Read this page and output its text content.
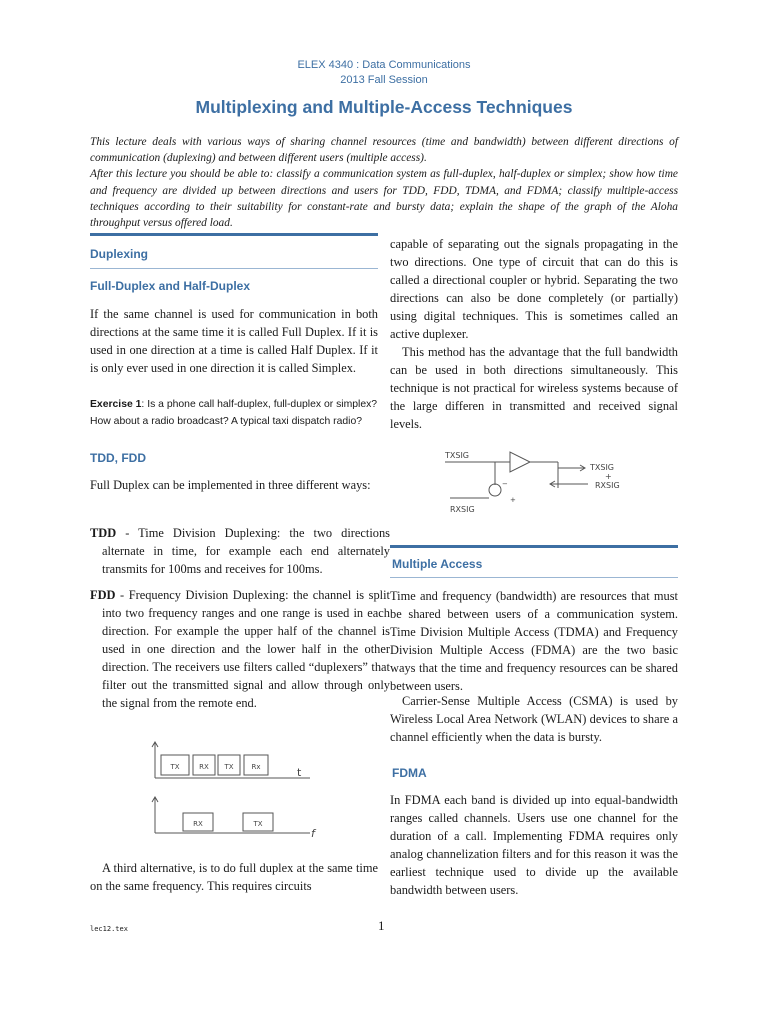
ELEX 4340 : Data Communications
2013 Fall Session
Multiplexing and Multiple-Access Techniques

This lecture deals with various ways of sharing channel resources (time and bandwidth) between different directions of communication (duplexing) and between different users (multiple access).

After this lecture you should be able to: classify a communication system as full-duplex, half-duplex or simplex; show how time and frequency are divided up between directions and users for TDD, FDD, TDMA, and FDMA; classify multiple-access techniques according to their suitability for constant-rate and bursty data; explain the shape of the graph of the Aloha throughput versus offered load.

Duplexing
Full-Duplex and Half-Duplex
If the same channel is used for communication in both directions at the same time it is called Full Duplex. If it is used in one direction at a time is called Half Duplex. If it is only ever used in one direction it is called Simplex.
Exercise 1: Is a phone call half-duplex, full-duplex or simplex? How about a radio broadcast? A typical taxi dispatch radio?
TDD, FDD
Full Duplex can be implemented in three different ways:
TDD - Time Division Duplexing: the two directions alternate in time, for example each end alternately transmits for 100ms and receives for 100ms.
FDD - Frequency Division Duplexing: the channel is split into two frequency ranges and one range is used in each direction. For example the upper half of the channel is used in one direction and the lower half in the other direction. The receivers use filters called “duplexers” that filter out the transmitted signal and allow through only the signal from the remote end.
TX	RX TX	Rx	t
RX	TX
f
A third alternative, is to do full duplex at the same time on the same frequency. This requires circuits
capable of separating out the signals propagating in the two directions. One type of circuit that can do this is called a directional coupler or hybrid. Separating the two directions can also be done completely (or partially) using digital techniques. This is sometimes called an active duplexer.
This method has the advantage that the full bandwidth can be used in both directions simultaneously. This technique is not practical for wireless systems because of the large differen in transmitted and received signal levels.
TXSIG
TXSIG
+
RXSIG
−
+
RXSIG
Multiple Access
Time and frequency (bandwidth) are resources that must be shared between users of a communication system. Time Division Multiple Access (TDMA) and Frequency Division Multiple Access (FDMA) are the two basic ways that the time and frequency resources can be shared between users.
Carrier-Sense Multiple Access (CSMA) is used by Wireless Local Area Network (WLAN) devices to share a channel efficiently when the data is bursty.
FDMA
In FDMA each band is divided up into equal-bandwidth ranges called channels. Users use one channel for the duration of a call. Implementing FDMA requires only analog channelization filters and for this reason it was the earliest technique used to divide up the available bandwidth between users.
lec12.tex	1
